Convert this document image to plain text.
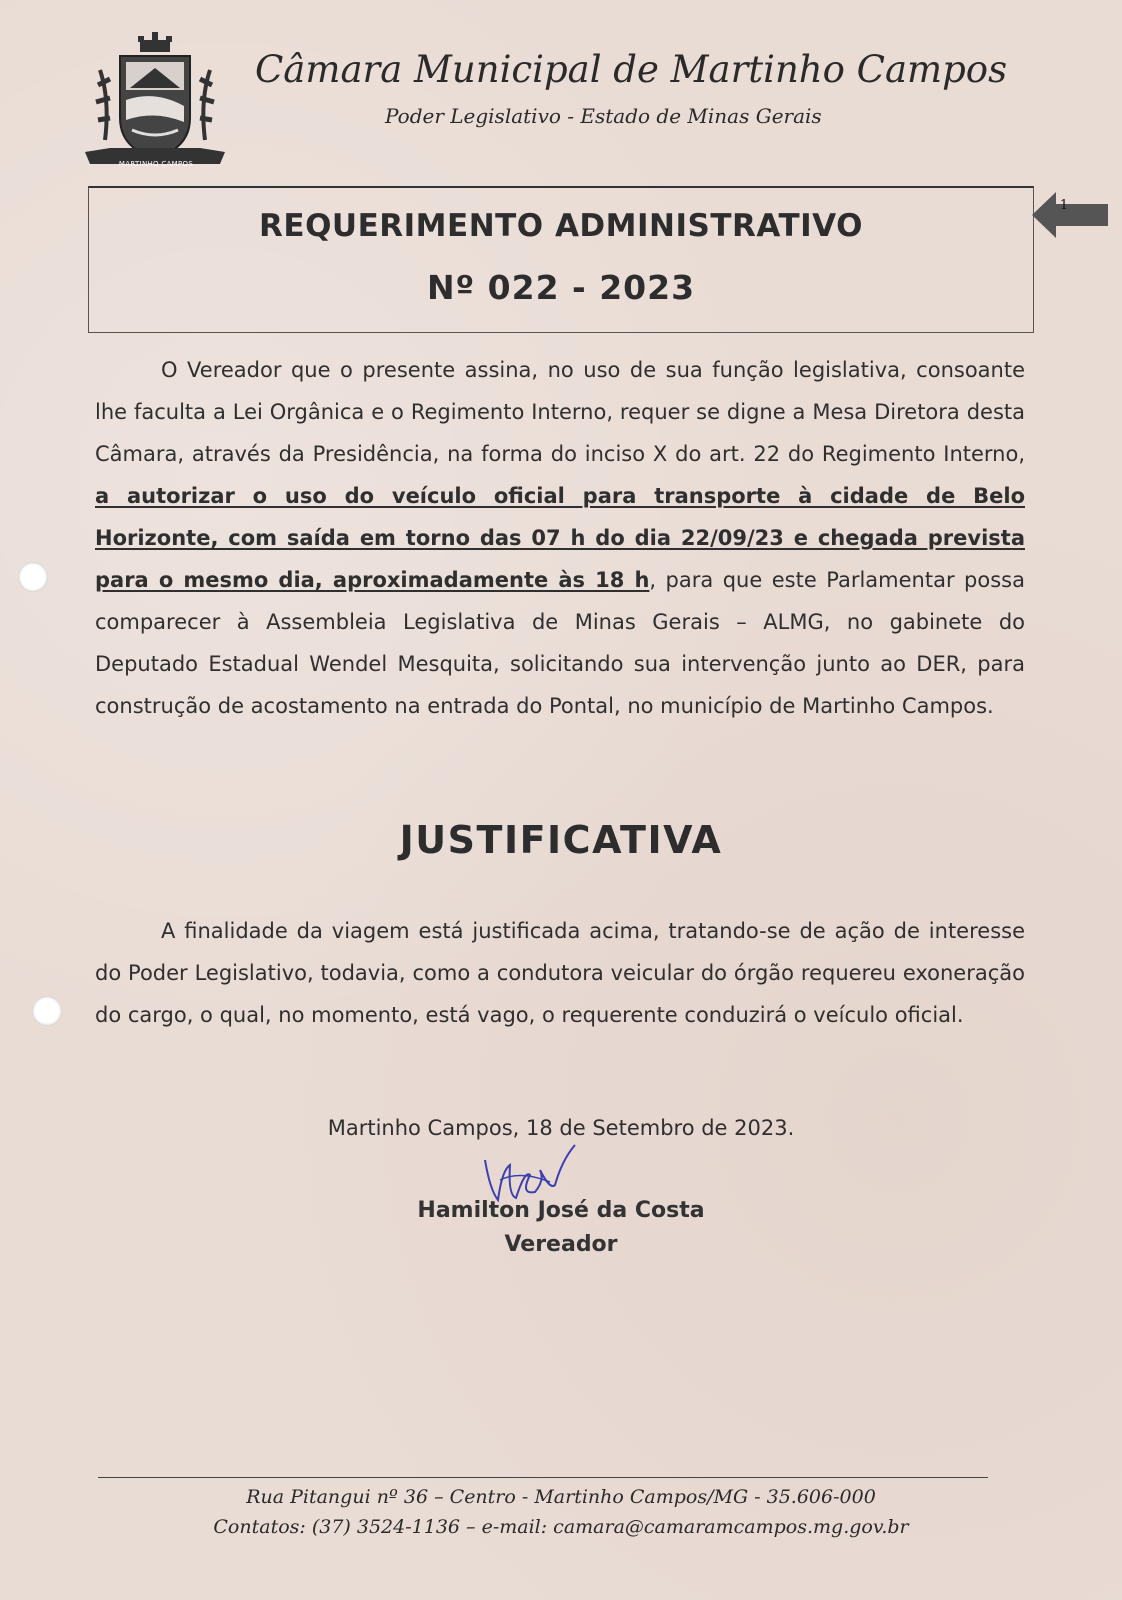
MARTINHO CAMPOS
Câmara Municipal de Martinho Campos
Poder Legislativo - Estado de Minas Gerais
REQUERIMENTO ADMINISTRATIVO
Nº 022 - 2023
1

O Vereador que o presente assina, no uso de sua função legislativa, consoante lhe faculta a Lei Orgânica e o Regimento Interno, requer se digne a Mesa Diretora desta Câmara, através da Presidência, na forma do inciso X do art. 22 do Regimento Interno, a autorizar o uso do veículo oficial para transporte à cidade de Belo Horizonte, com saída em torno das 07 h do dia 22/09/23 e chegada prevista para o mesmo dia, aproximadamente às 18 h, para que este Parlamentar possa comparecer à Assembleia Legislativa de Minas Gerais – ALMG, no gabinete do Deputado Estadual Wendel Mesquita, solicitando sua intervenção junto ao DER, para construção de acostamento na entrada do Pontal, no município de Martinho Campos.

JUSTIFICATIVA

A finalidade da viagem está justificada acima, tratando-se de ação de interesse do Poder Legislativo, todavia, como a condutora veicular do órgão requereu exoneração do cargo, o qual, no momento, está vago, o requerente conduzirá o veículo oficial.

Martinho Campos, 18 de Setembro de 2023.
Hamilton José da Costa
Vereador
Rua Pitangui nº 36 – Centro - Martinho Campos/MG - 35.606-000
Contatos: (37) 3524-1136 – e-mail: camara@camaramcampos.mg.gov.br
